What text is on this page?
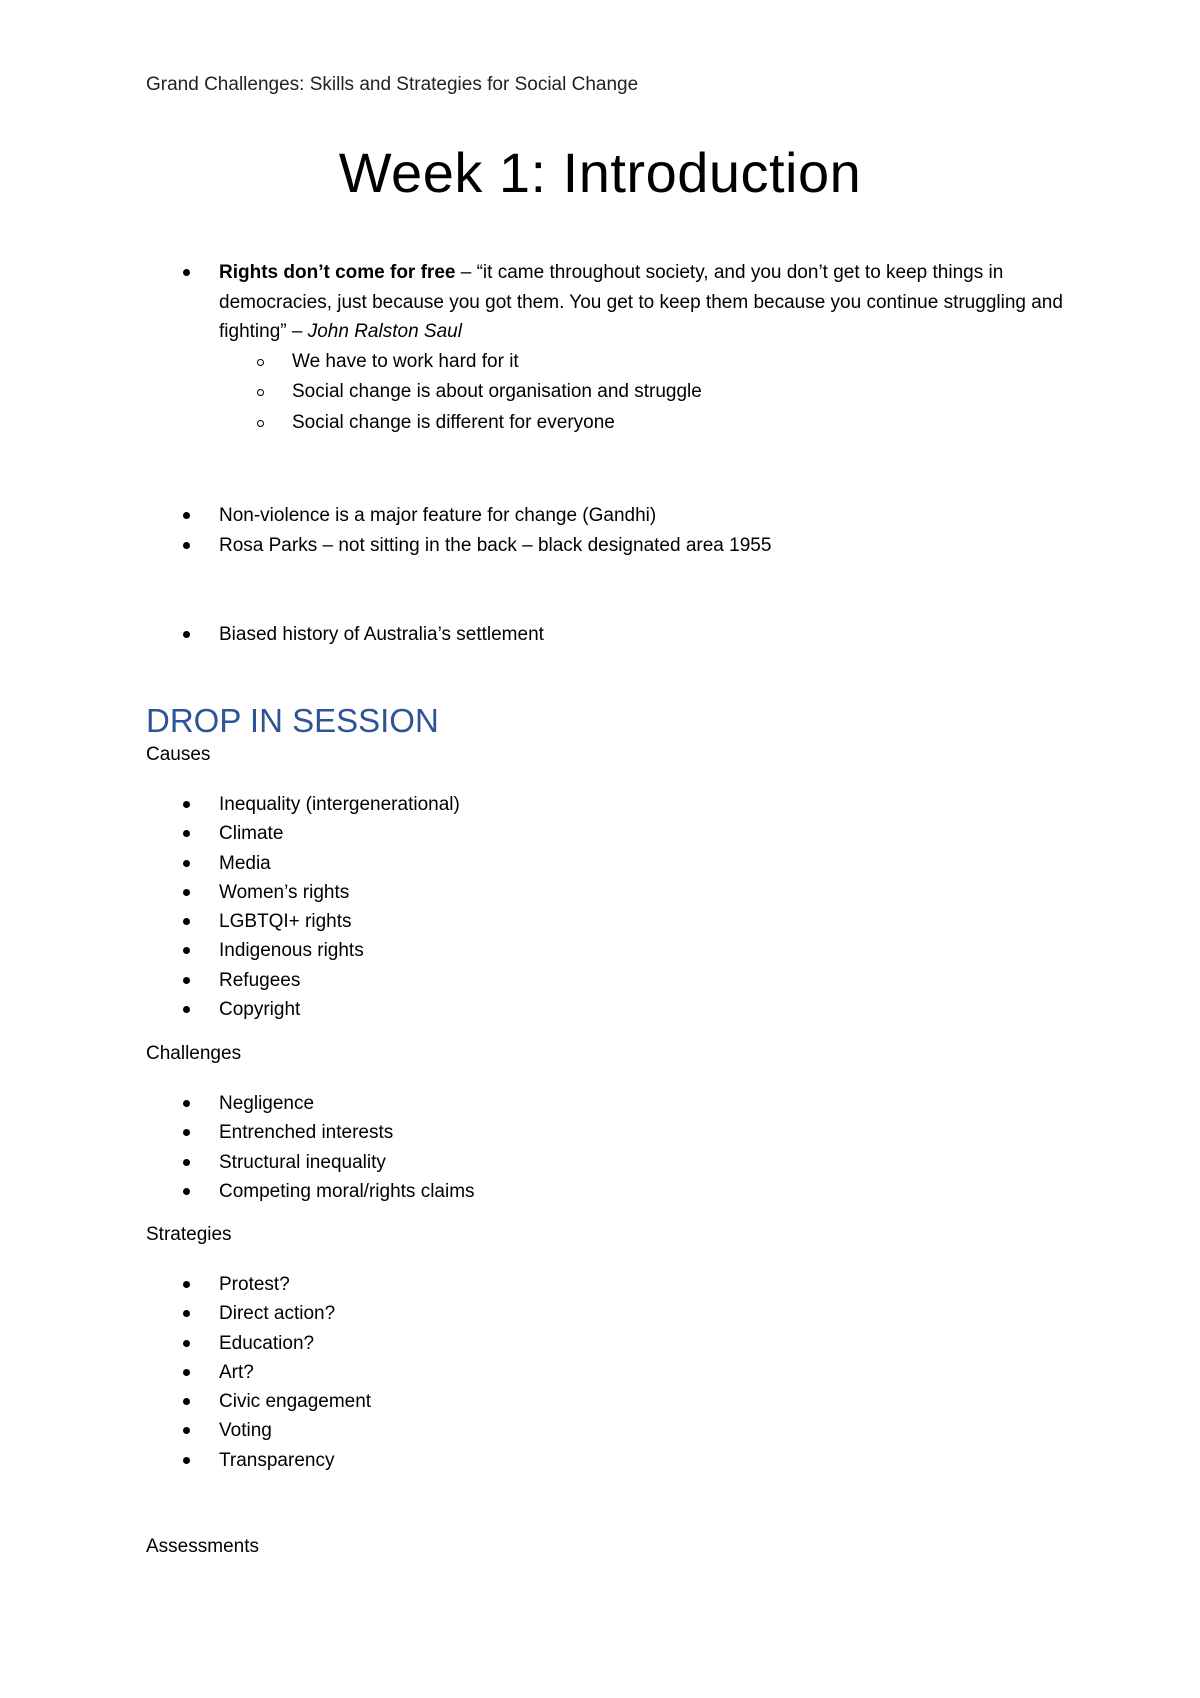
Grand Challenges: Skills and Strategies for Social Change
Week 1: Introduction
Rights don’t come for free – “it came throughout society, and you don’t get to keep things in democracies, just because you got them. You get to keep them because you continue struggling and fighting” – John Ralston Saul
We have to work hard for it
Social change is about organisation and struggle
Social change is different for everyone
Non-violence is a major feature for change (Gandhi)
Rosa Parks – not sitting in the back – black designated area 1955
Biased history of Australia’s settlement
DROP IN SESSION
Causes
Inequality (intergenerational)
Climate
Media
Women’s rights
LGBTQI+ rights
Indigenous rights
Refugees
Copyright
Challenges
Negligence
Entrenched interests
Structural inequality
Competing moral/rights claims
Strategies
Protest?
Direct action?
Education?
Art?
Civic engagement
Voting
Transparency
Assessments
